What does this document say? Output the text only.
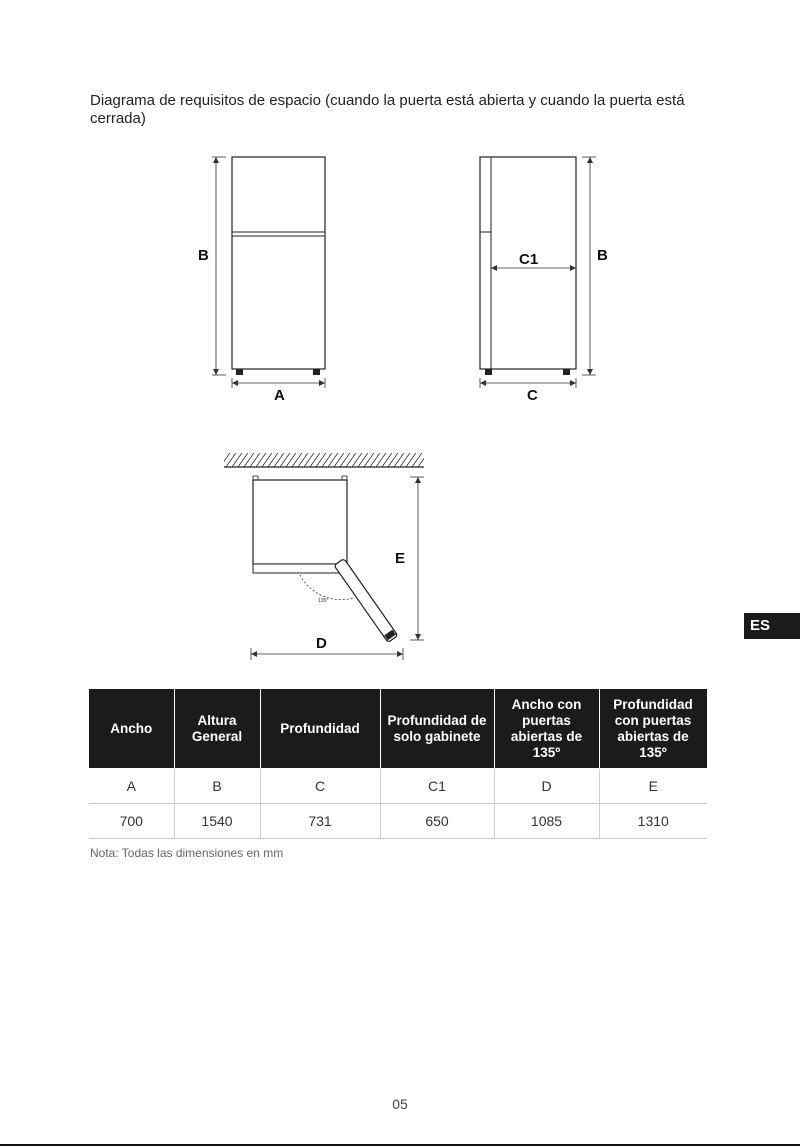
Diagrama de requisitos de espacio (cuando la puerta está abierta y cuando la puerta está cerrada)
B
A
C1	B
C
135°
E
D
Ancho	Altura General	Profundidad	Profundidad de solo gabinete	Ancho con puertas abiertas de 135º	Profundidad con puertas abiertas de 135º
A	B	C	C1	D	E
700	1540	731	650	1085	1310
Nota: Todas las dimensiones en mm
ES
05
